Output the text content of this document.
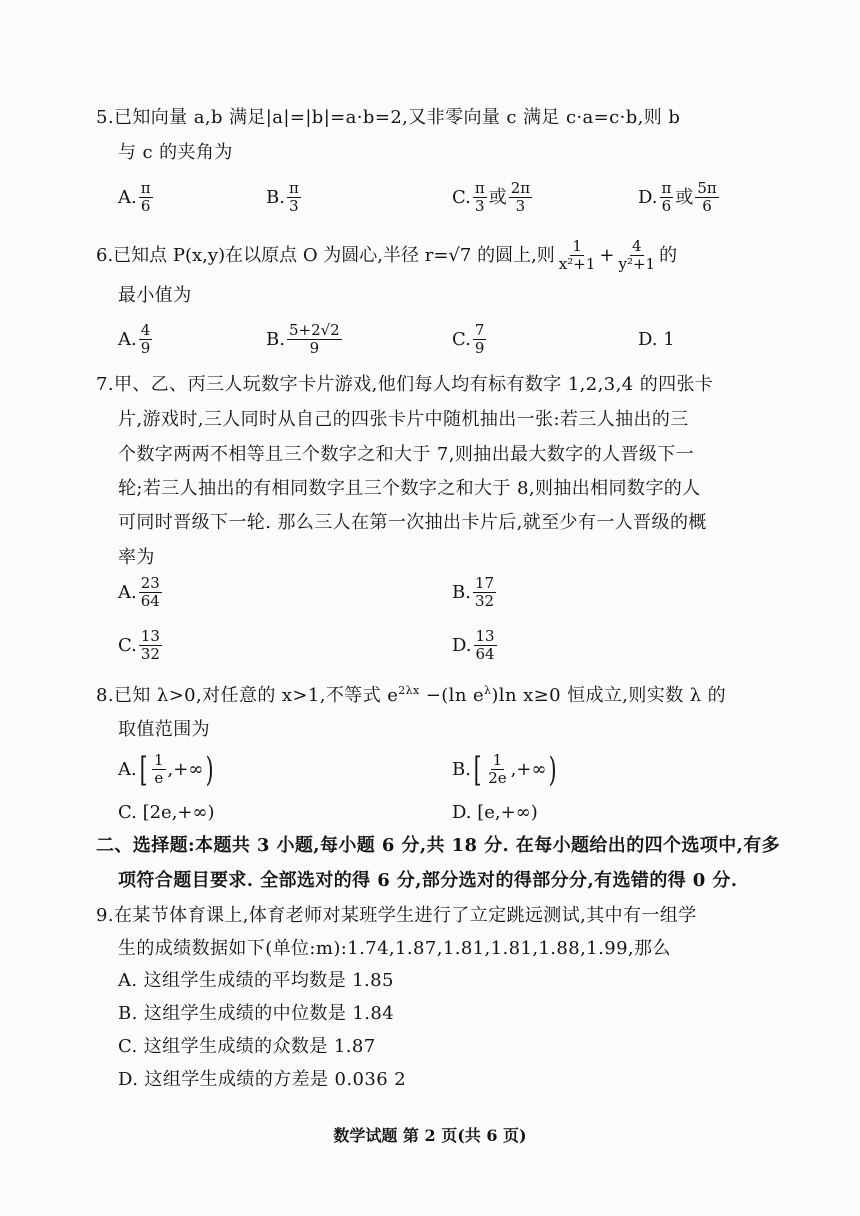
5.已知向量 a,b 满足|a|=|b|=a·b=2,又非零向量 c 满足 c·a=c·b,则 b
与 c 的夹角为
A. $\frac{\pi}{6}$	B. $\frac{\pi}{3}$	C. $\frac{\pi}{3}$ 或 $\frac{2\pi}{3}$	D. $\frac{\pi}{6}$ 或 $\frac{5\pi}{6}$
6.已知点 P(x,y)在以原点 O 为圆心,半径 r=√7 的圆上,则 $\frac{1}{\text{x²+1}} + \frac{4}{\text{y²+1}}$ 的
最小值为
A. $\frac{4}{9}$	B. $\frac{5+2√2}{9}$	C. $\frac{7}{9}$	D. 1
7.甲、乙、丙三人玩数字卡片游戏,他们每人均有标有数字 1,2,3,4 的四张卡
片,游戏时,三人同时从自己的四张卡片中随机抽出一张:若三人抽出的三
个数字两两不相等且三个数字之和大于 7,则抽出最大数字的人晋级下一
轮;若三人抽出的有相同数字且三个数字之和大于 8,则抽出相同数字的人
可同时晋级下一轮. 那么三人在第一次抽出卡片后,就至少有一人晋级的概
率为
A. $\frac{23}{64}$	B. $\frac{17}{32}$
C. $\frac{13}{32}$	D. $\frac{13}{64}$
8.已知 λ>0,对任意的 x>1,不等式 $e^{2\lambda x} -(\ln$ $e^\lambda)\ln$ x≥0 恒成立,则实数 λ 的
取值范围为
A. [ $\frac{1}{e}$ ,+∞ )	B. [ $\frac{1}{2e}$ ,+∞ )
C. [2e,+∞)	D. [e,+∞)
二、选择题:本题共 3 小题,每小题 6 分,共 18 分. 在每小题给出的四个选项中,有多
项符合题目要求. 全部选对的得 6 分,部分选对的得部分分,有选错的得 0 分.
9.在某节体育课上,体育老师对某班学生进行了立定跳远测试,其中有一组学
生的成绩数据如下(单位:m):1.74,1.87,1.81,1.81,1.88,1.99,那么
A. 这组学生成绩的平均数是 1.85
B. 这组学生成绩的中位数是 1.84
C. 这组学生成绩的众数是 1.87
D. 这组学生成绩的方差是 0.036 2
数学试题 第 2 页(共 6 页)
